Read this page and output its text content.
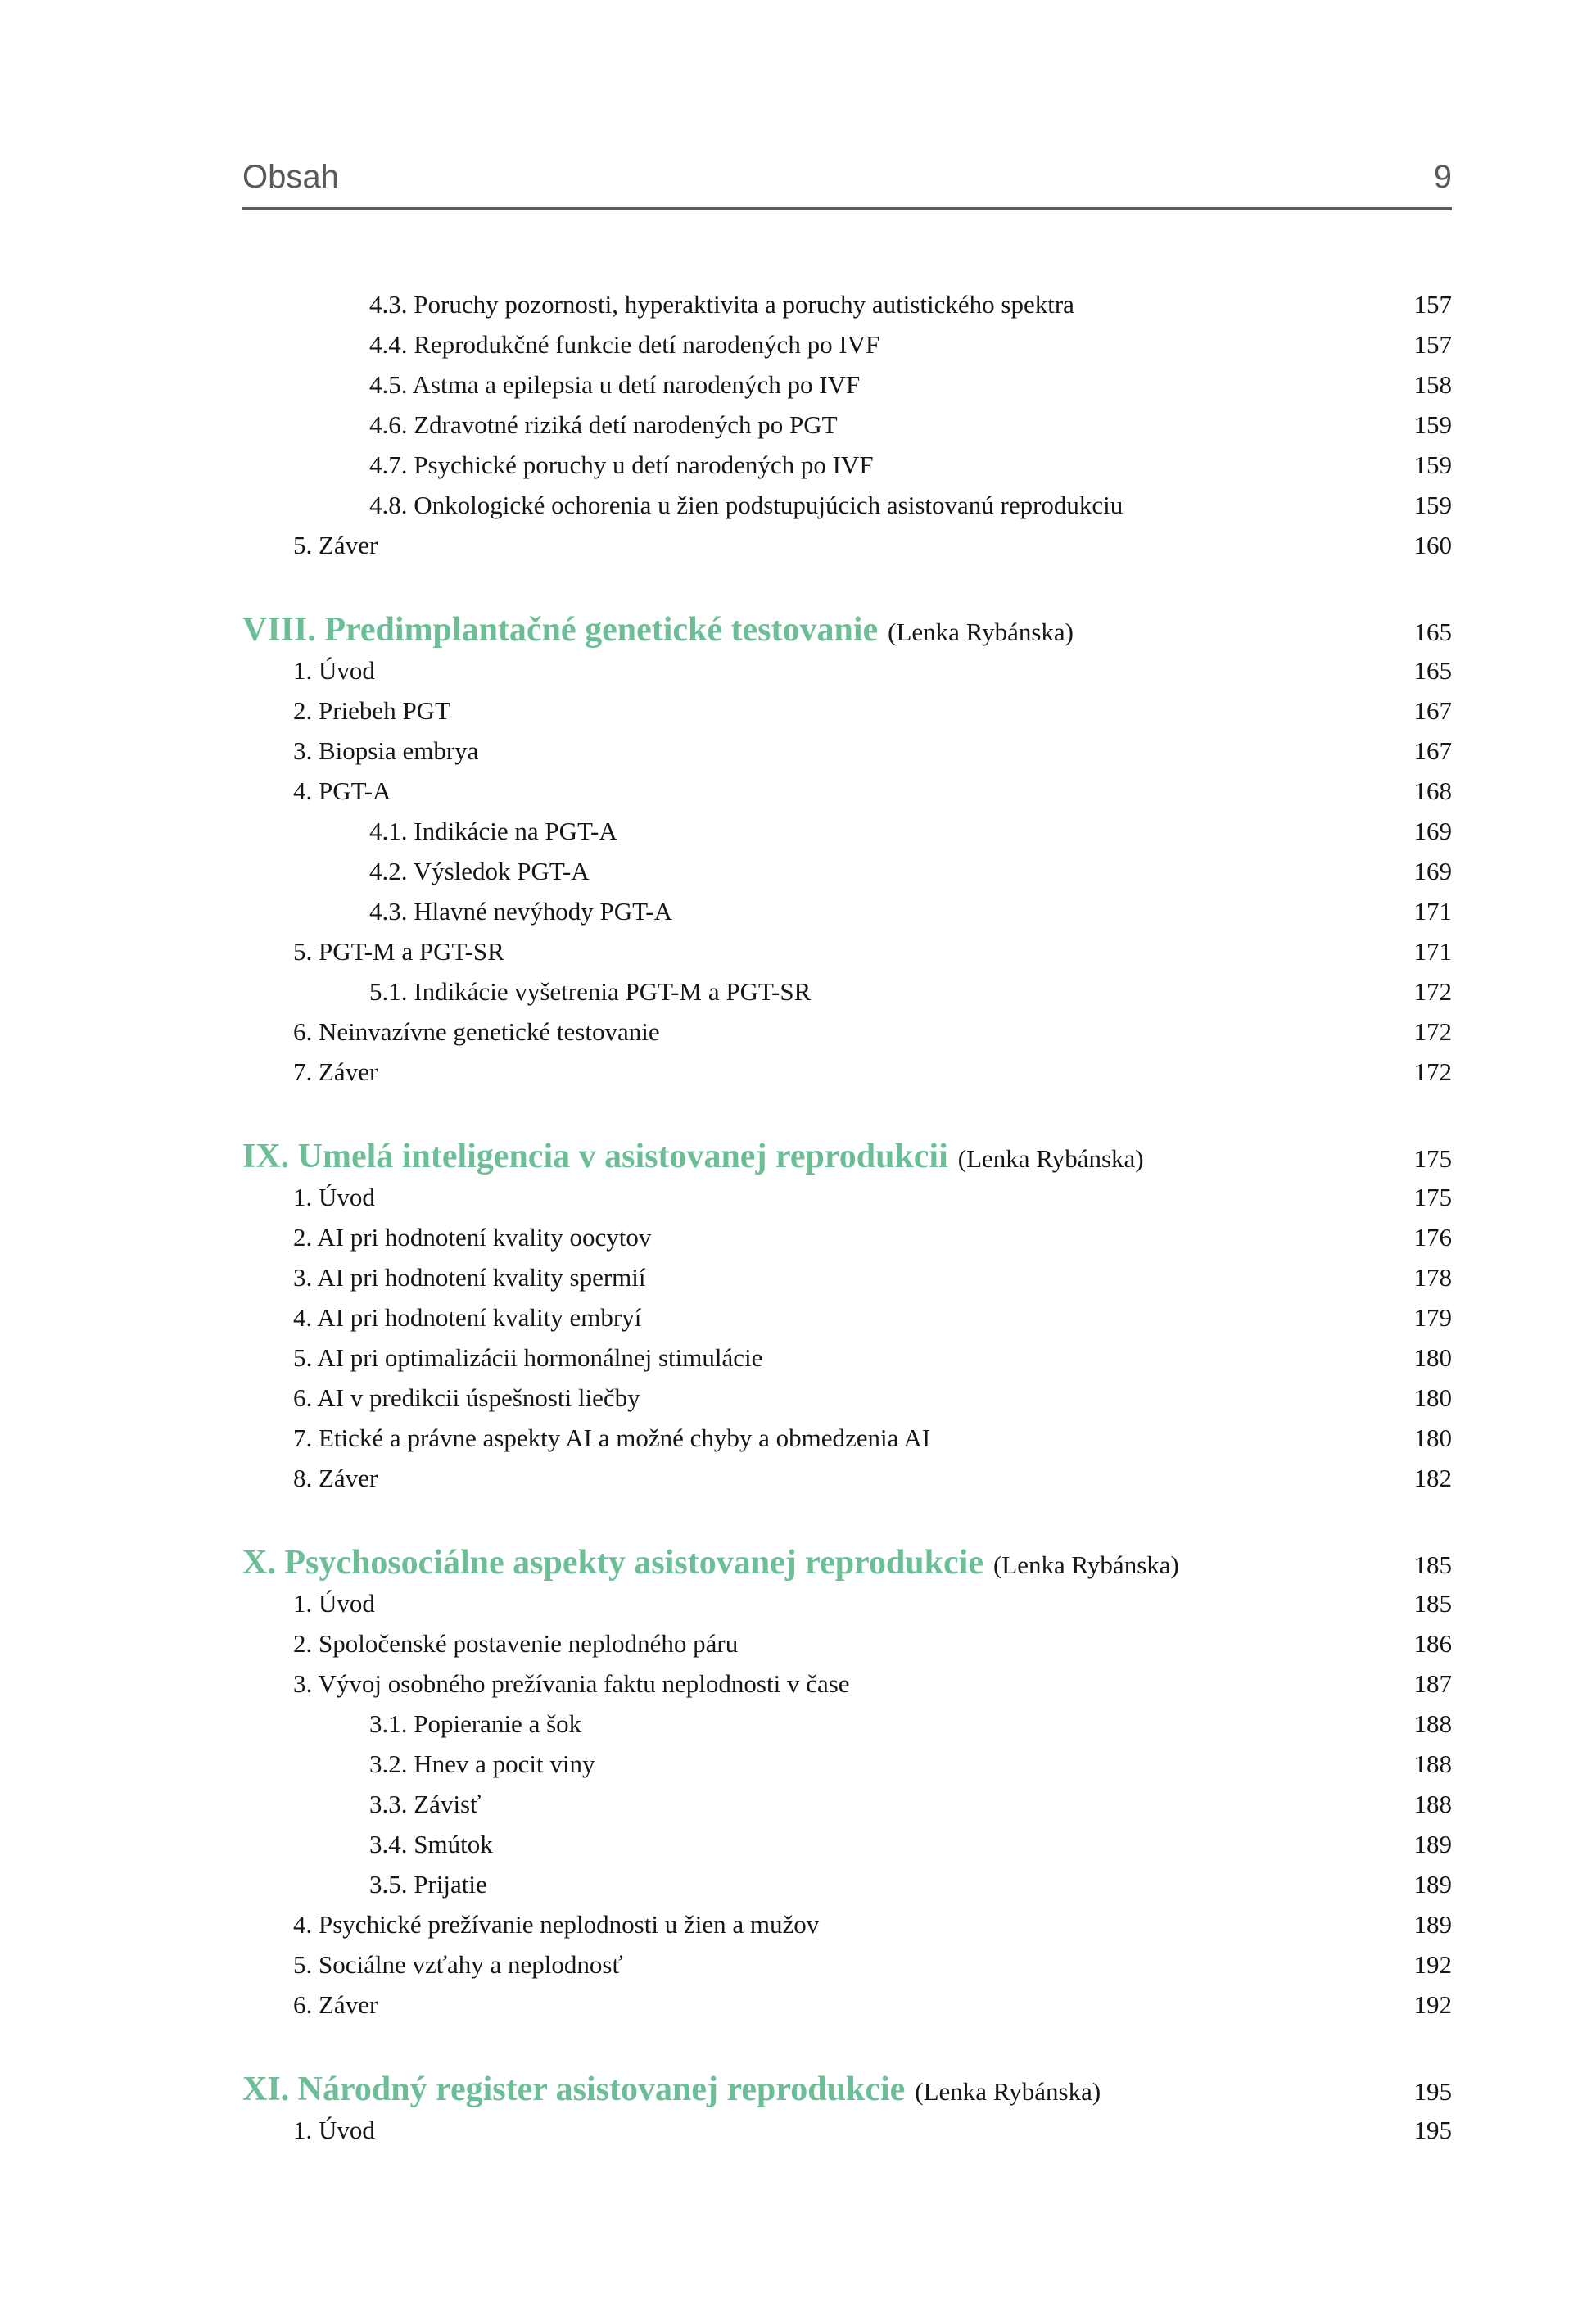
Obsah	9
4.3. Poruchy pozornosti, hyperaktivita a poruchy autistického spektra	157
4.4. Reprodukčné funkcie detí narodených po IVF	157
4.5. Astma a epilepsia u detí narodených po IVF	158
4.6. Zdravotné riziká detí narodených po PGT	159
4.7. Psychické poruchy u detí narodených po IVF	159
4.8. Onkologické ochorenia u žien podstupujúcich asistovanú reprodukciu	159
5. Záver	160
VIII. Predimplantačné genetické testovanie (Lenka Rybánska)	165
1. Úvod	165
2. Priebeh PGT	167
3. Biopsia embrya	167
4. PGT-A	168
4.1. Indikácie na PGT-A	169
4.2. Výsledok PGT-A	169
4.3. Hlavné nevýhody PGT-A	171
5. PGT-M a PGT-SR	171
5.1. Indikácie vyšetrenia PGT-M a PGT-SR	172
6. Neinvazívne genetické testovanie	172
7. Záver	172
IX. Umelá inteligencia v asistovanej reprodukcii (Lenka Rybánska)	175
1. Úvod	175
2. AI pri hodnotení kvality oocytov	176
3. AI pri hodnotení kvality spermií	178
4. AI pri hodnotení kvality embryí	179
5. AI pri optimalizácii hormonálnej stimulácie	180
6. AI v predikcii úspešnosti liečby	180
7. Etické a právne aspekty AI a možné chyby a obmedzenia AI	180
8. Záver	182
X. Psychosociálne aspekty asistovanej reprodukcie (Lenka Rybánska)	185
1. Úvod	185
2. Spoločenské postavenie neplodného páru	186
3. Vývoj osobného prežívania faktu neplodnosti v čase	187
3.1. Popieranie a šok	188
3.2. Hnev a pocit viny	188
3.3. Závisť	188
3.4. Smútok	189
3.5. Prijatie	189
4. Psychické prežívanie neplodnosti u žien a mužov	189
5. Sociálne vzťahy a neplodnosť	192
6. Záver	192
XI. Národný register asistovanej reprodukcie (Lenka Rybánska)	195
1. Úvod	195
